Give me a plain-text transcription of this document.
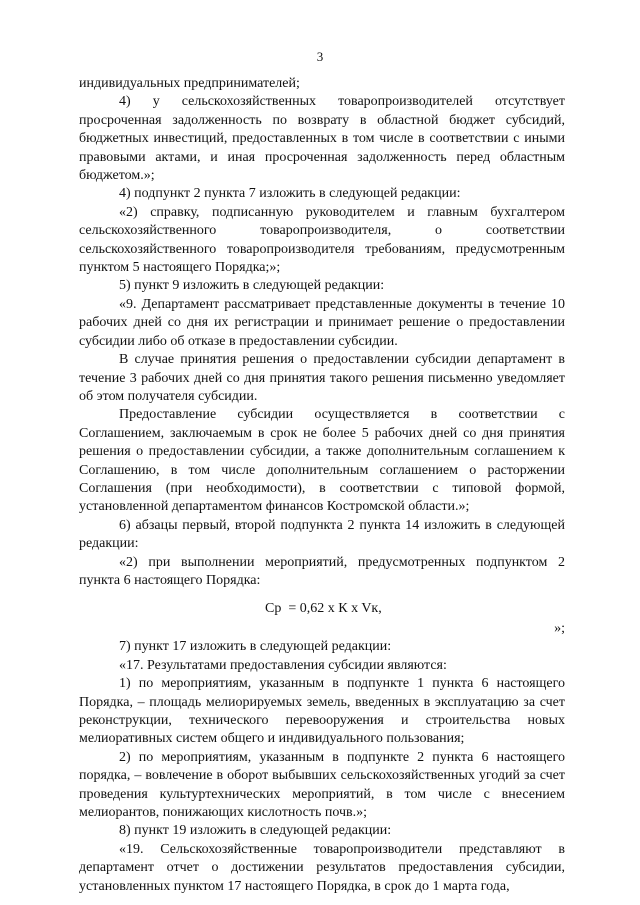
3

индивидуальных предпринимателей;

4) у сельскохозяйственных товаропроизводителей отсутствует просроченная задолженность по возврату в областной бюджет субсидий, бюджетных инвестиций, предоставленных в том числе в соответствии с иными правовыми актами, и иная просроченная задолженность перед областным бюджетом.»;

4) подпункт 2 пункта 7 изложить в следующей редакции:

«2) справку, подписанную руководителем и главным бухгалтером сельскохозяйственного товаропроизводителя, о соответствии сельскохозяйственного товаропроизводителя требованиям, предусмотренным пунктом 5 настоящего Порядка;»;

5) пункт 9 изложить в следующей редакции:

«9. Департамент рассматривает представленные документы в течение 10 рабочих дней со дня их регистрации и принимает решение о предоставлении субсидии либо об отказе в предоставлении субсидии.

В случае принятия решения о предоставлении субсидии департамент в течение 3 рабочих дней со дня принятия такого решения письменно уведомляет об этом получателя субсидии.

Предоставление субсидии осуществляется в соответствии с Соглашением, заключаемым в срок не более 5 рабочих дней со дня принятия решения о предоставлении субсидии, а также дополнительным соглашением к Соглашению, в том числе дополнительным соглашением о расторжении Соглашения (при необходимости), в соответствии с типовой формой, установленной департаментом финансов Костромской области.»;

6) абзацы первый, второй подпункта 2 пункта 14 изложить в следующей редакции:

«2) при выполнении мероприятий, предусмотренных подпунктом 2 пункта 6 настоящего Порядка:

Cp  = 0,62 x К x Vк,
»;

7) пункт 17 изложить в следующей редакции:

«17. Результатами предоставления субсидии являются:

1) по мероприятиям, указанным в подпункте 1 пункта 6 настоящего Порядка, – площадь мелиорируемых земель, введенных в эксплуатацию за счет реконструкции, технического перевооружения и строительства новых мелиоративных систем общего и индивидуального пользования;

2) по мероприятиям, указанным в подпункте 2 пункта 6 настоящего порядка, – вовлечение в оборот выбывших сельскохозяйственных угодий за счет проведения культуртехнических мероприятий, в том числе с внесением мелиорантов, понижающих кислотность почв.»;

8) пункт 19 изложить в следующей редакции:

«19. Сельскохозяйственные товаропроизводители представляют в департамент отчет о достижении результатов предоставления субсидии, установленных пунктом 17 настоящего Порядка, в срок до 1 марта года,
